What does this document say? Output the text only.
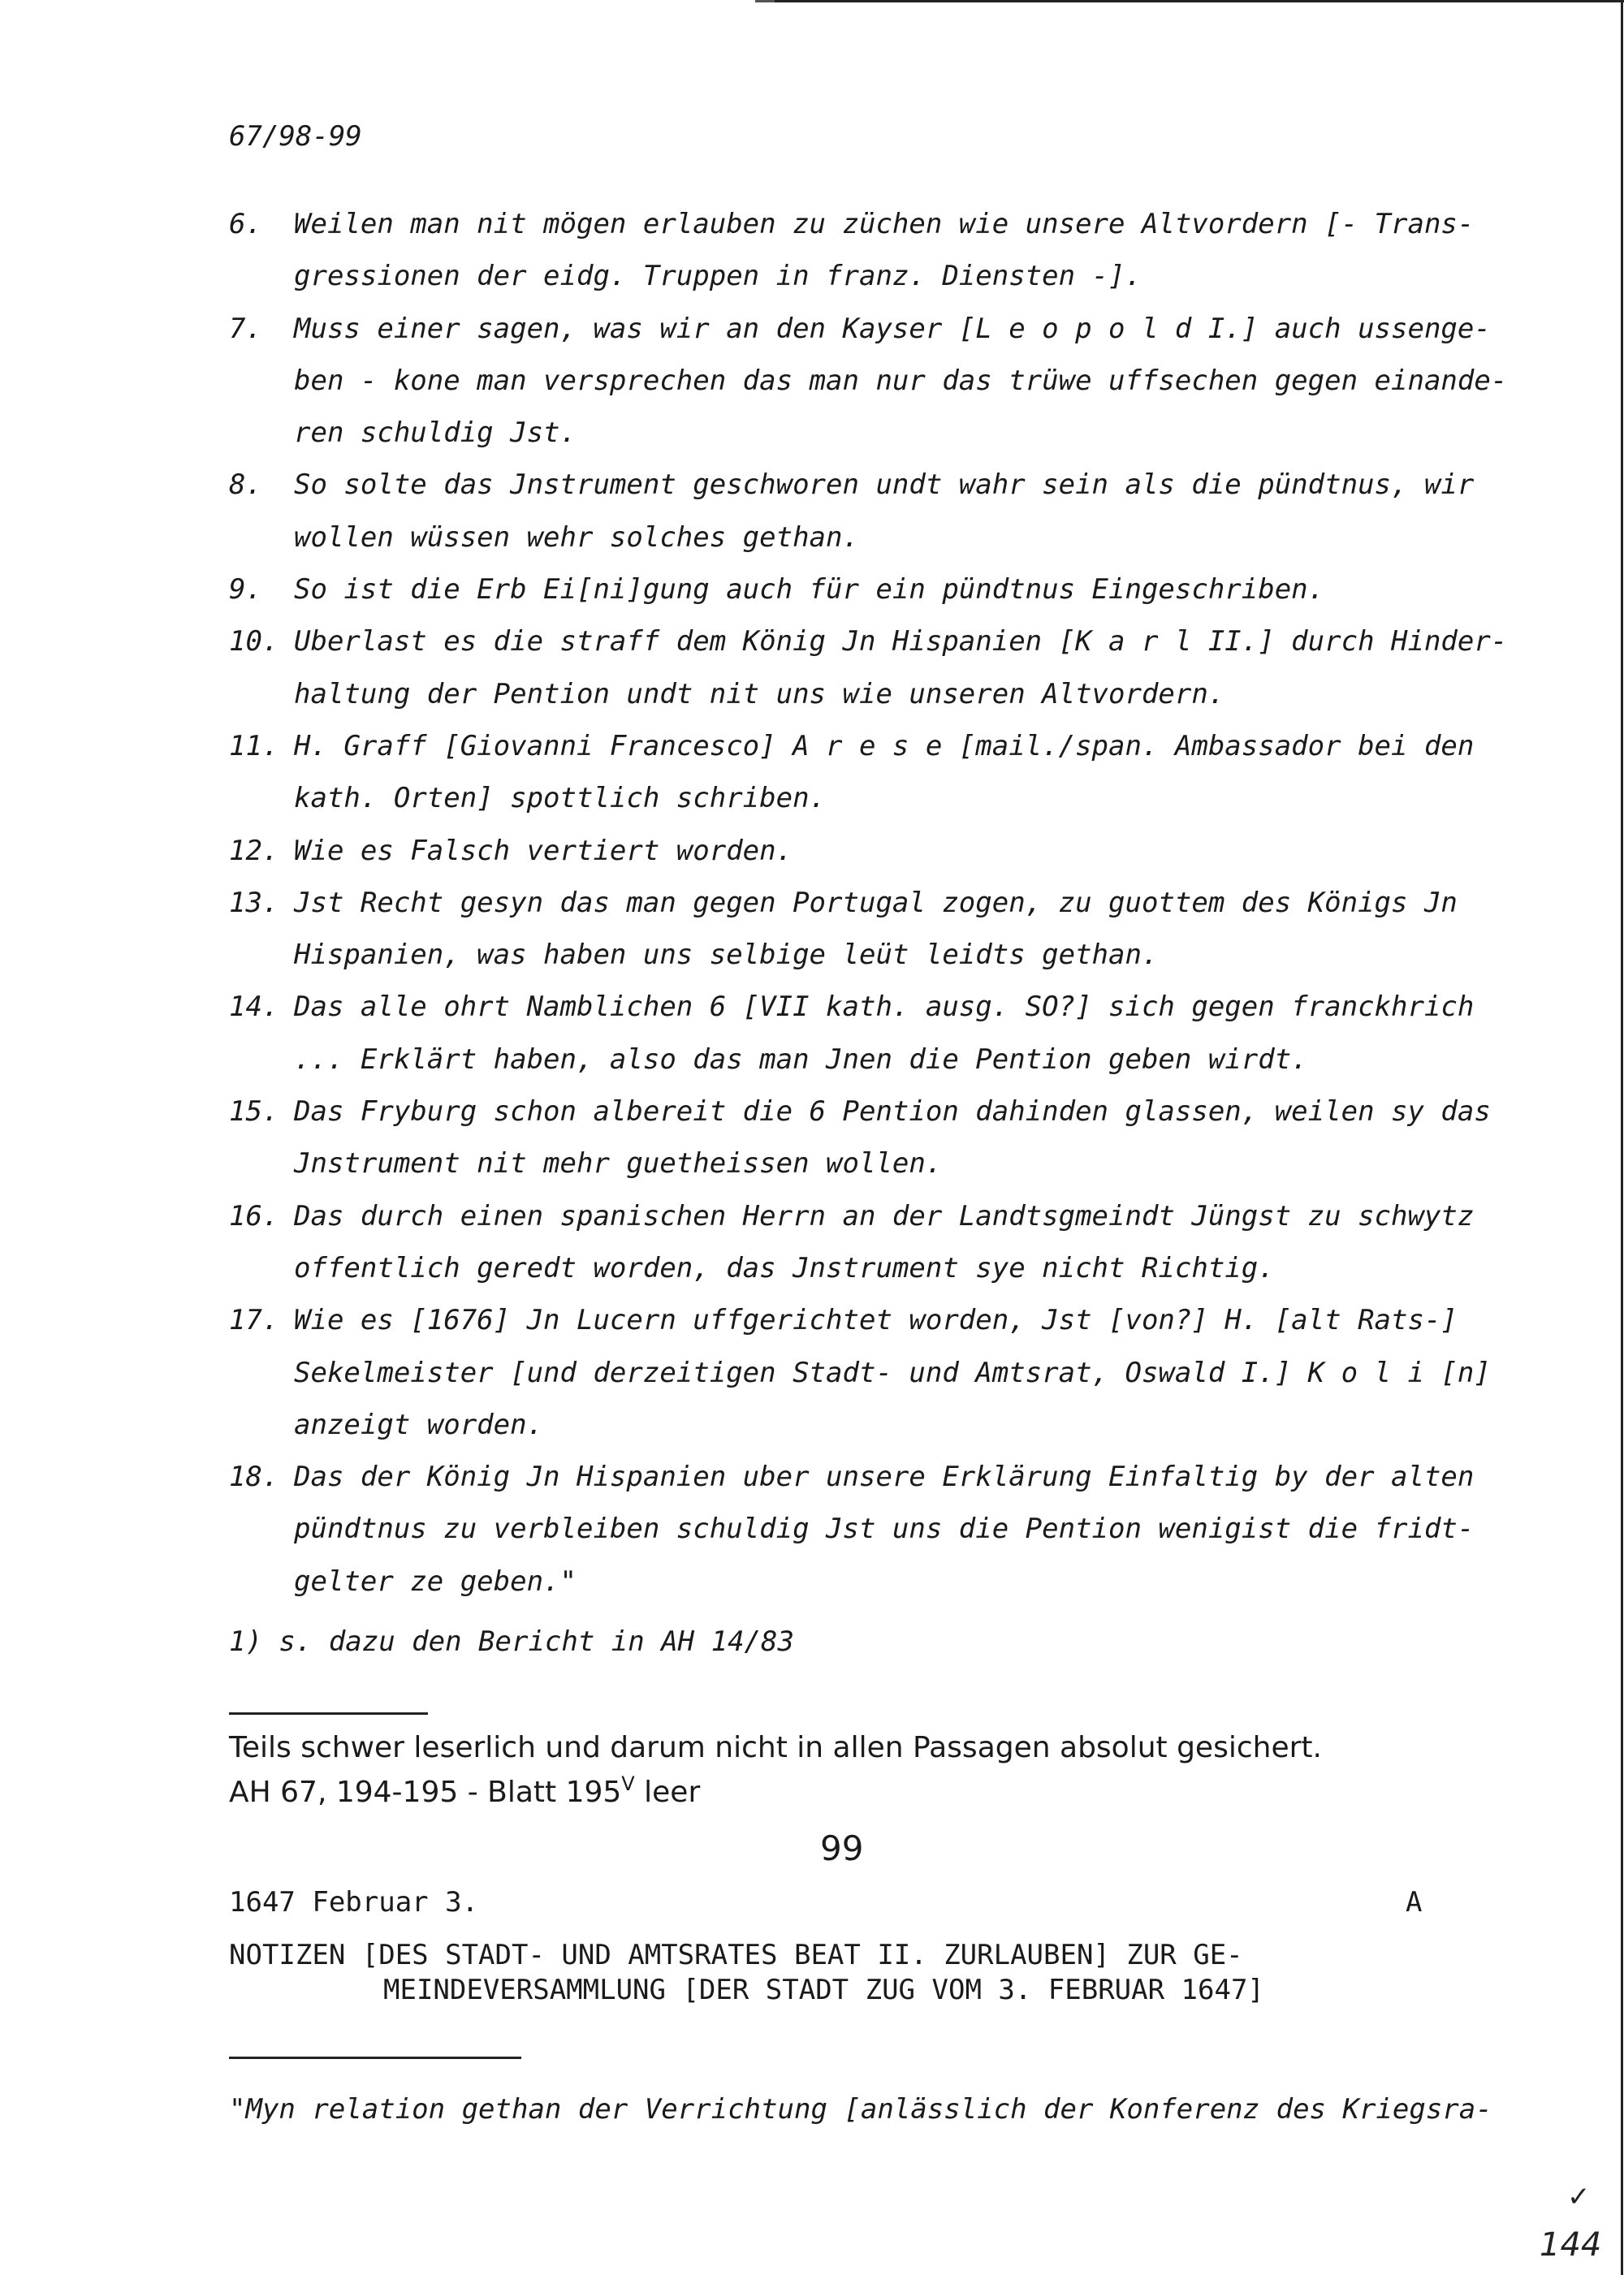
67/98-99
6.	Weilen man nit mögen erlauben zu züchen wie unsere Altvordern [- Trans-
gressionen der eidg. Truppen in franz. Diensten -].
7.	Muss einer sagen, was wir an den Kayser [L e o p o l d I.] auch ussenge-
ben - kone man versprechen das man nur das trüwe uffsechen gegen einande-
ren schuldig Jst.
8.	So solte das Jnstrument geschworen undt wahr sein als die pündtnus, wir
wollen wüssen wehr solches gethan.
9.	So ist die Erb Ei[ni]gung auch für ein pündtnus Eingeschriben.
10. Uberlast es die straff dem König Jn Hispanien [K a r l II.] durch Hinder-
haltung der Pention undt nit uns wie unseren Altvordern.
11. H. Graff [Giovanni Francesco] A r e s e [mail./span. Ambassador bei den
kath. Orten] spottlich schriben.
12. Wie es Falsch vertiert worden.
13. Jst Recht gesyn das man gegen Portugal zogen, zu guottem des Königs Jn
Hispanien, was haben uns selbige leüt leidts gethan.
14. Das alle ohrt Namblichen 6 [VII kath. ausg. SO?] sich gegen franckhrich
... Erklärt haben, also das man Jnen die Pention geben wirdt.
15. Das Fryburg schon albereit die 6 Pention dahinden glassen, weilen sy das
Jnstrument nit mehr guetheissen wollen.
16. Das durch einen spanischen Herrn an der Landtsgmeindt Jüngst zu schwytz
offentlich geredt worden, das Jnstrument sye nicht Richtig.
17. Wie es [1676] Jn Lucern uffgerichtet worden, Jst [von?] H. [alt Rats-]
Sekelmeister [und derzeitigen Stadt- und Amtsrat, Oswald I.] K o l i [n]
anzeigt worden.
18. Das der König Jn Hispanien uber unsere Erklärung Einfaltig by der alten
pündtnus zu verbleiben schuldig Jst uns die Pention wenigist die fridt-
gelter ze geben."
1) s. dazu den Bericht in AH 14/83
Teils schwer leserlich und darum nicht in allen Passagen absolut gesichert.
AH 67, 194-195 - Blatt $195^V$ leer
99
1647 Februar 3.	A
NOTIZEN [DES STADT- UND AMTSRATES BEAT II. ZURLAUBEN] ZUR GE-
MEINDEVERSAMMLUNG [DER STADT ZUG VOM 3. FEBRUAR 1647]
"Myn relation gethan der Verrichtung [anlässlich der Konferenz des Kriegsra-
✓
144
